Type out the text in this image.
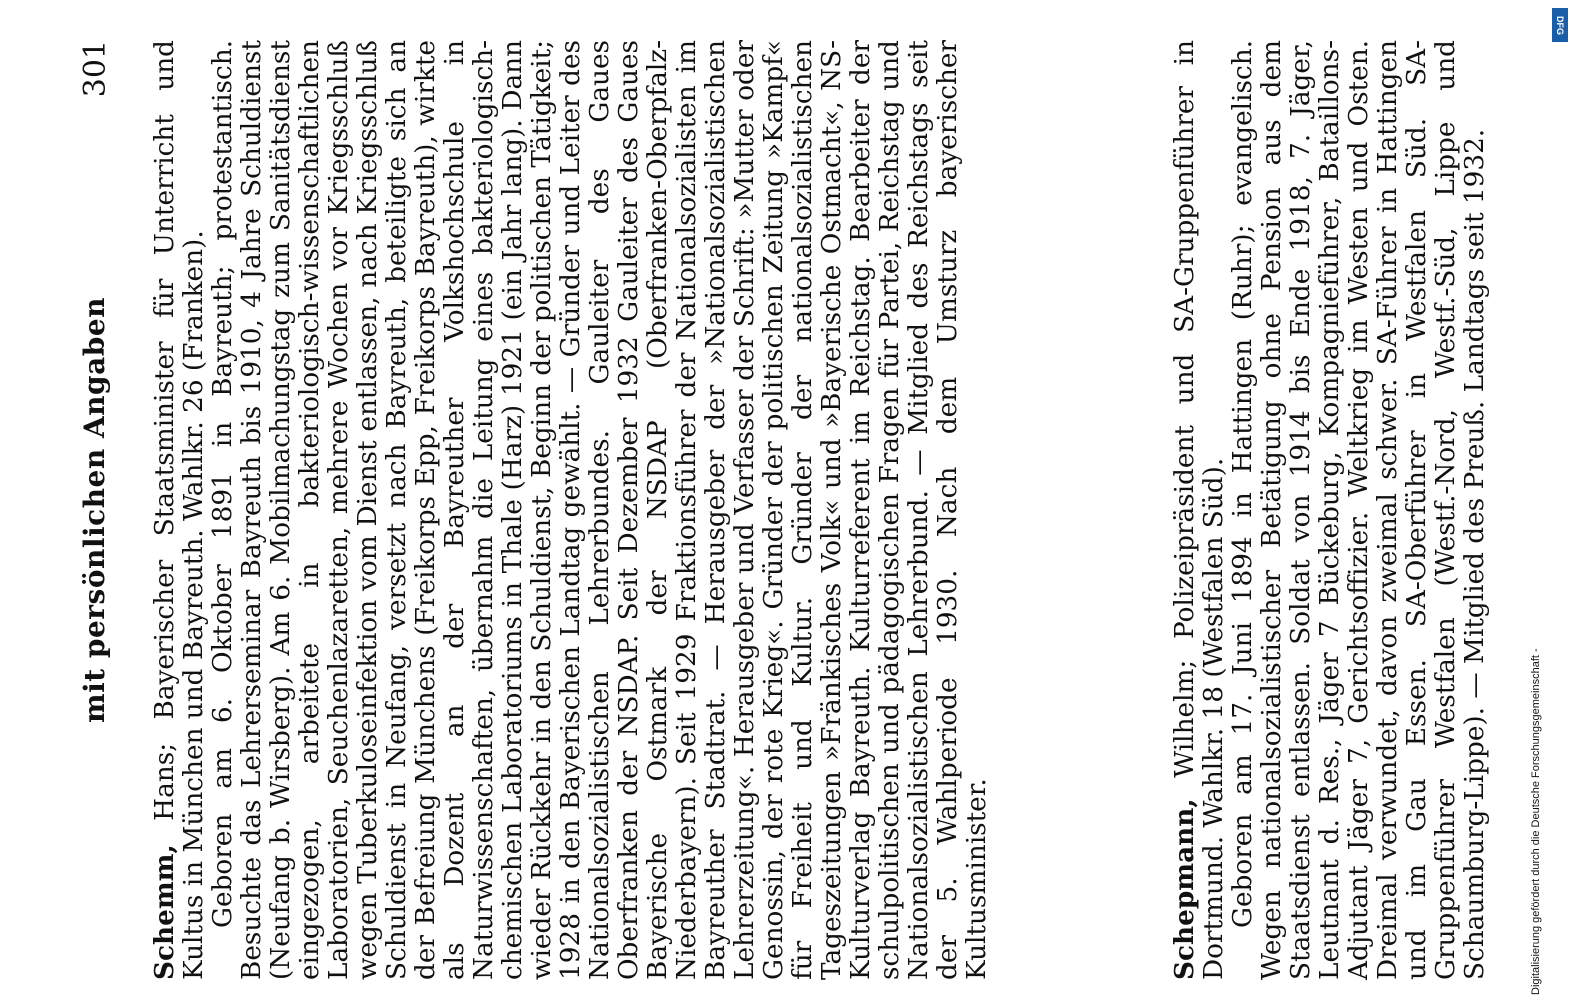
mit persönlichen Angaben
301

Schemm, Hans; Bayerischer Staatsminister für Unterricht und Kultus in München und Bayreuth. Wahlkr. 26 (Franken). Geboren am 6. Oktober 1891 in Bayreuth; protestantisch. Besuchte das Lehrerseminar Bayreuth bis 1910, 4 Jahre Schuldienst (Neufang b. Wirsberg). Am 6. Mobilmachungstag zum Sanitätsdienst eingezogen, arbeitete in bakteriologisch-wissenschaftlichen Laboratorien, Seuchenlazaretten, mehrere Wochen vor Kriegsschluß wegen Tuberkuloseinfektion vom Dienst entlassen, nach Kriegsschluß Schuldienst in Neufang, versetzt nach Bayreuth, beteiligte sich an der Befreiung Münchens (Freikorps Epp, Freikorps Bayreuth), wirkte als Dozent an der Bayreuther Volkshochschule in Naturwissenschaften, übernahm die Leitung eines bakteriologisch-chemischen Laboratoriums in Thale (Harz) 1921 (ein Jahr lang). Dann wieder Rückkehr in den Schuldienst, Beginn der politischen Tätigkeit; 1928 in den Bayerischen Landtag gewählt. — Gründer und Leiter des Nationalsozialistischen Lehrerbundes. Gauleiter des Gaues Oberfranken der NSDAP. Seit Dezember 1932 Gauleiter des Gaues Bayerische Ostmark der NSDAP (Oberfranken-Oberpfalz-Niederbayern). Seit 1929 Fraktionsführer der Nationalsozialisten im Bayreuther Stadtrat. — Herausgeber der »Nationalsozialistischen Lehrerzeitung«. Herausgeber und Verfasser der Schrift: »Mutter oder Genossin, der rote Krieg«. Gründer der politischen Zeitung »Kampf« für Freiheit und Kultur. Gründer der nationalsozialistischen Tageszeitungen »Fränkisches Volk« und »Bayerische Ostmacht«, NS-Kulturverlag Bayreuth. Kulturreferent im Reichstag. Bearbeiter der schulpolitischen und pädagogischen Fragen für Partei, Reichstag und Nationalsozialistischen Lehrerbund. — Mitglied des Reichstags seit der 5. Wahlperiode 1930. Nach dem Umsturz bayerischer Kultusminister.	Schepmann, Wilhelm; Polizeipräsident und SA-Gruppenführer in Dortmund. Wahlkr. 18 (Westfalen Süd). Geboren am 17. Juni 1894 in Hattingen (Ruhr); evangelisch. Wegen nationalsozialistischer Betätigung ohne Pension aus dem Staatsdienst entlassen. Soldat von 1914 bis Ende 1918, 7. Jäger, Leutnant d. Res., Jäger 7 Bückeburg, Kompagnieführer, Bataillons-Adjutant Jäger 7, Gerichtsoffizier. Weltkrieg im Westen und Osten. Dreimal verwundet, davon zweimal schwer. SA-Führer in Hattingen und im Gau Essen. SA-Oberführer in Westfalen Süd. SA-Gruppenführer Westfalen (Westf.-Nord, Westf.-Süd, Lippe und Schaumburg-Lippe). — Mitglied des Preuß. Landtags seit 1932.	Digitalisierung gefördert durch die Deutsche Forschungsgemeinschaft -
DFG
